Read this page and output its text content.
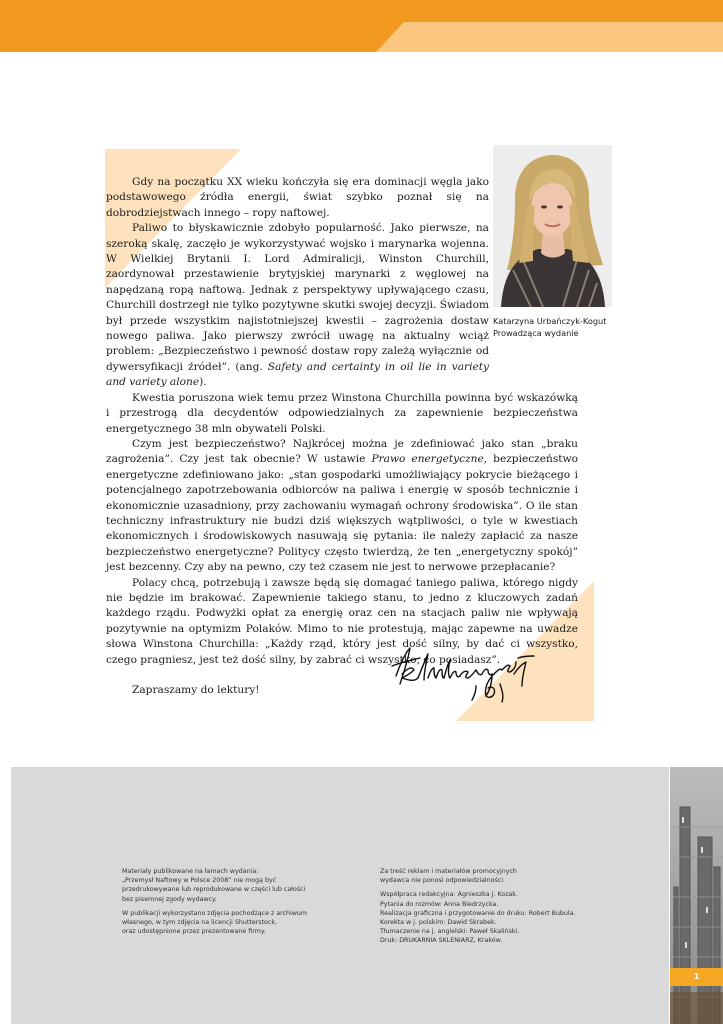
Katarzyna Urbańczyk-Kogut
Prowadząca wydanie

Gdy na początku XX wieku kończyła się era dominacji węgla jako podstawowego źródła energii, świat szybko poznał się na dobrodziejstwach innego – ropy naftowej.

Paliwo to błyskawicznie zdobyło popularność. Jako pierwsze, na szeroką skalę, zaczęło je wykorzystywać wojsko i marynarka wojenna. W Wielkiej Brytanii I. Lord Admiralicji, Winston Churchill, zaordynował przestawienie brytyjskiej marynarki z węglowej na napędzaną ropą naftową. Jednak z perspektywy upływającego czasu, Churchill dostrzegł nie tylko pozytywne skutki swojej decyzji. Świadom był przede wszystkim najistotniejszej kwestii – zagrożenia dostaw nowego paliwa. Jako pierwszy zwrócił uwagę na aktualny wciąż problem: „Bezpieczeństwo i pewność dostaw ropy zależą wyłącznie od dywersyfikacji źródeł”. (ang. Safety and certainty in oil lie in variety and variety alone).

Kwestia poruszona wiek temu przez Winstona Churchilla powinna być wskazówką i przestrogą dla decydentów odpowiedzialnych za zapewnienie bezpieczeństwa energetycznego 38 mln obywateli Polski.

Czym jest bezpieczeństwo? Najkrócej można je zdefiniować jako stan „braku zagrożenia”. Czy jest tak obecnie? W ustawie Prawo energetyczne, bezpieczeństwo energetyczne zdefiniowano jako: „stan gospodarki umożliwiający pokrycie bieżącego i potencjalnego zapotrzebowania odbiorców na paliwa i energię w sposób technicznie i ekonomicznie uzasadniony, przy zachowaniu wymagań ochrony środowiska”. O ile stan techniczny infrastruktury nie budzi dziś większych wątpliwości, o tyle w kwestiach ekonomicznych i środowiskowych nasuwają się pytania: ile należy zapłacić za nasze bezpieczeństwo energetyczne? Politycy często twierdzą, że ten „energetyczny spokój” jest bezcenny. Czy aby na pewno, czy też czasem nie jest to nerwowe przepłacanie?

Polacy chcą, potrzebują i zawsze będą się domagać taniego paliwa, którego nigdy nie będzie im brakować. Zapewnienie takiego stanu, to jedno z kluczowych zadań każdego rządu. Podwyżki opłat za energię oraz cen na stacjach paliw nie wpływają pozytywnie na optymizm Polaków. Mimo to nie protestują, mając zapewne na uwadze słowa Winstona Churchilla: „Każdy rząd, który jest dość silny, by dać ci wszystko, czego pragniesz, jest też dość silny, by zabrać ci wszystko, co posiadasz”.

Zapraszamy do lektury!

Materiały publikowane na łamach wydania:
„Przemysł Naftowy w Polsce 2008” nie mogą być
przedrukowywane lub reprodukowane w części lub całości
bez pisemnej zgody wydawcy.
W publikacji wykorzystano zdjęcia pochodzące z archiwum
własnego, w tym zdjęcia na licencji Shutterstock,
oraz udostępnione przez prezentowane firmy.
Za treść reklam i materiałów promocyjnych
wydawca nie ponosi odpowiedzialności.
Współpraca redakcyjna: Agnieszka J. Kozak.
Pytania do rozmów: Anna Biedrzycka.
Realizacja graficzna i przygotowanie do druku: Robert Bubula.
Korekta w j. polskim: Dawid Skrabek.
Tłumaczenie na j. angielski: Paweł Skaliński.
Druk: DRUKARNIA SKLENIARZ, Kraków.
1
